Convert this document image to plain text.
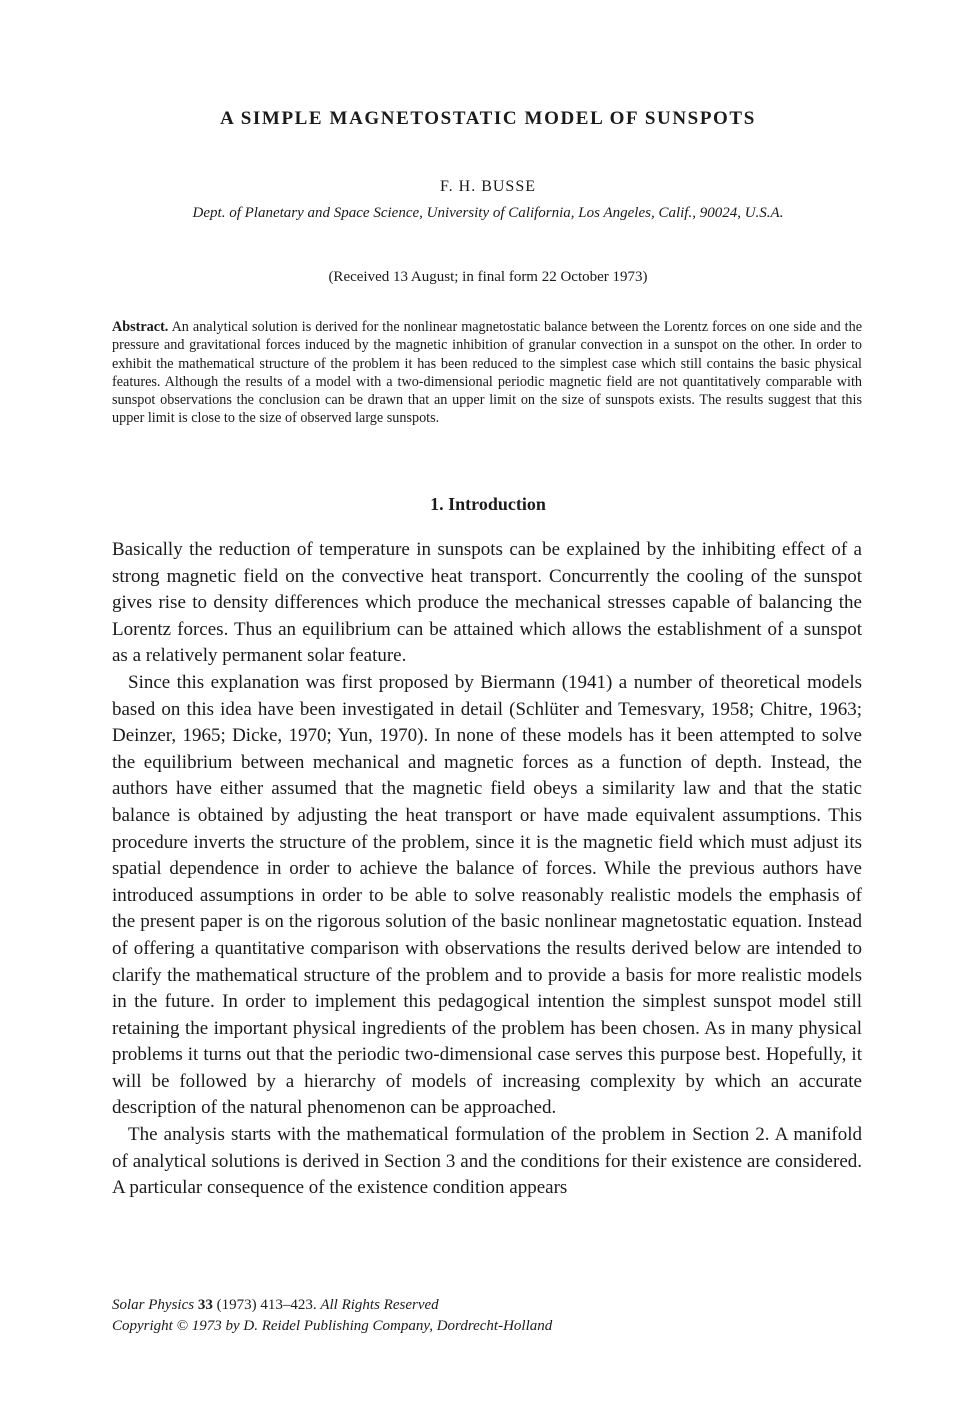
A SIMPLE MAGNETOSTATIC MODEL OF SUNSPOTS
F. H. BUSSE
Dept. of Planetary and Space Science, University of California, Los Angeles, Calif., 90024, U.S.A.
(Received 13 August; in final form 22 October 1973)
Abstract. An analytical solution is derived for the nonlinear magnetostatic balance between the Lorentz forces on one side and the pressure and gravitational forces induced by the magnetic inhibition of granular convection in a sunspot on the other. In order to exhibit the mathematical structure of the problem it has been reduced to the simplest case which still contains the basic physical features. Although the results of a model with a two-dimensional periodic magnetic field are not quantitatively comparable with sunspot observations the conclusion can be drawn that an upper limit on the size of sunspots exists. The results suggest that this upper limit is close to the size of observed large sunspots.
1. Introduction

Basically the reduction of temperature in sunspots can be explained by the inhibiting effect of a strong magnetic field on the convective heat transport. Concurrently the cooling of the sunspot gives rise to density differences which produce the mechanical stresses capable of balancing the Lorentz forces. Thus an equilibrium can be attained which allows the establishment of a sunspot as a relatively permanent solar feature.

Since this explanation was first proposed by Biermann (1941) a number of theoretical models based on this idea have been investigated in detail (Schlüter and Temesvary, 1958; Chitre, 1963; Deinzer, 1965; Dicke, 1970; Yun, 1970). In none of these models has it been attempted to solve the equilibrium between mechanical and magnetic forces as a function of depth. Instead, the authors have either assumed that the magnetic field obeys a similarity law and that the static balance is obtained by adjusting the heat transport or have made equivalent assumptions. This procedure inverts the structure of the problem, since it is the magnetic field which must adjust its spatial dependence in order to achieve the balance of forces. While the previous authors have introduced assumptions in order to be able to solve reasonably realistic models the emphasis of the present paper is on the rigorous solution of the basic nonlinear magnetostatic equation. Instead of offering a quantitative comparison with observations the results derived below are intended to clarify the mathematical structure of the problem and to provide a basis for more realistic models in the future. In order to implement this pedagogical intention the simplest sunspot model still retaining the important physical ingredients of the problem has been chosen. As in many physical problems it turns out that the periodic two-dimensional case serves this purpose best. Hopefully, it will be followed by a hierarchy of models of increasing complexity by which an accurate description of the natural phenomenon can be approached.

The analysis starts with the mathematical formulation of the problem in Section 2. A manifold of analytical solutions is derived in Section 3 and the conditions for their existence are considered. A particular consequence of the existence condition appears

Solar Physics 33 (1973) 413–423. All Rights Reserved
Copyright © 1973 by D. Reidel Publishing Company, Dordrecht-Holland
